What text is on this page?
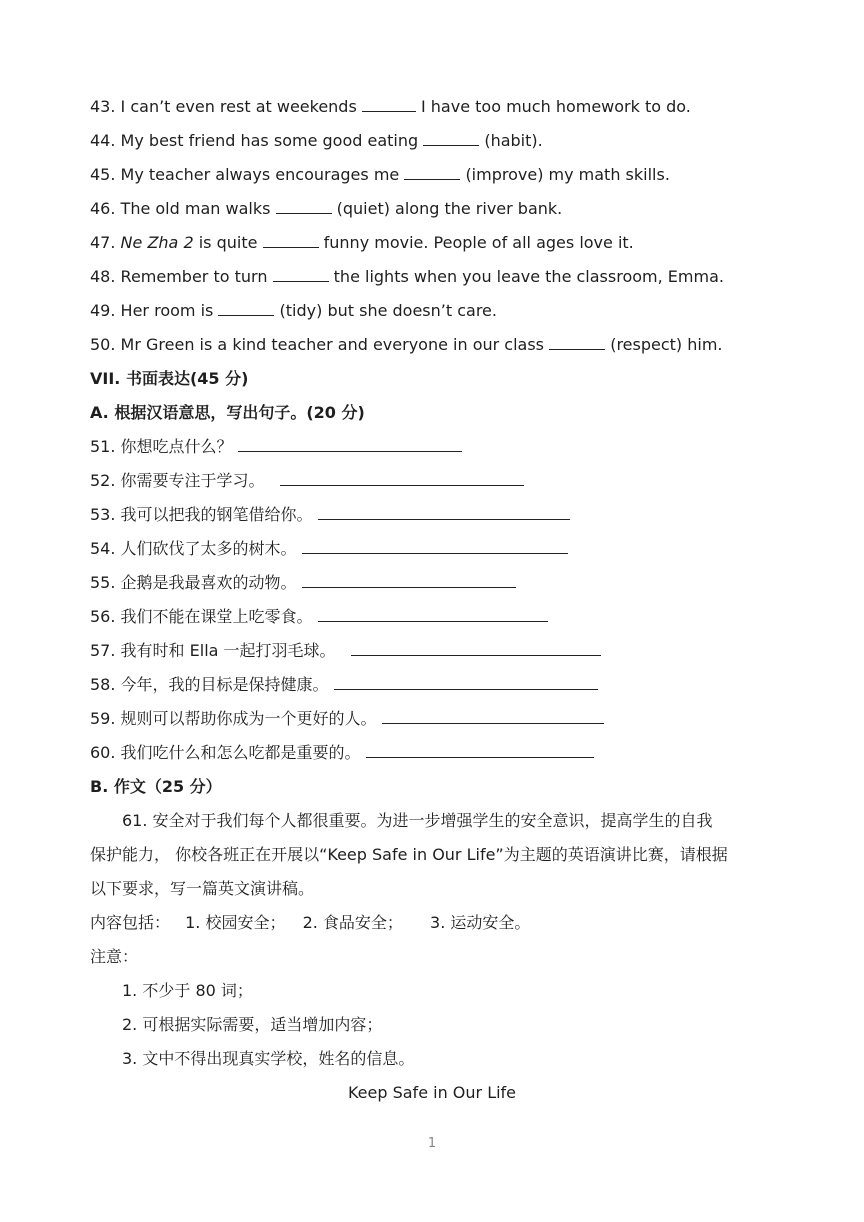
43. I can’t even rest at weekends	I have too much homework to do.
44. My best friend has some good eating	(habit).
45. My teacher always encourages me	(improve) my math skills.
46. The old man walks	(quiet) along the river bank.
47. Ne Zha 2 is quite	funny movie. People of all ages love it.
48. Remember to turn	the lights when you leave the classroom, Emma.
49. Her room is	(tidy) but she doesn’t care.
50. Mr Green is a kind teacher and everyone in our class	(respect) him.
VII. 书面表达(45 分)
A. 根据汉语意思，写出句子。(20 分)
51. 你想吃点什么？
52. 你需要专注于学习。
53. 我可以把我的钢笔借给你。
54. 人们砍伐了太多的树木。
55. 企鹅是我最喜欢的动物。
56. 我们不能在课堂上吃零食。
57. 我有时和 Ella 一起打羽毛球。
58. 今年，我的目标是保持健康。
59. 规则可以帮助你成为一个更好的人。
60. 我们吃什么和怎么吃都是重要的。
B. 作文（25 分）
61. 安全对于我们每个人都很重要。为进一步增强学生的安全意识，提高学生的自我
保护能力， 你校各班正在开展以“Keep Safe in Our Life”为主题的英语演讲比赛，请根据
以下要求，写一篇英文演讲稿。
内容包括： 1. 校园安全； 2. 食品安全； 3. 运动安全。
注意：
1. 不少于 80 词；
2. 可根据实际需要，适当增加内容；
3. 文中不得出现真实学校，姓名的信息。
Keep Safe in Our Life
1
